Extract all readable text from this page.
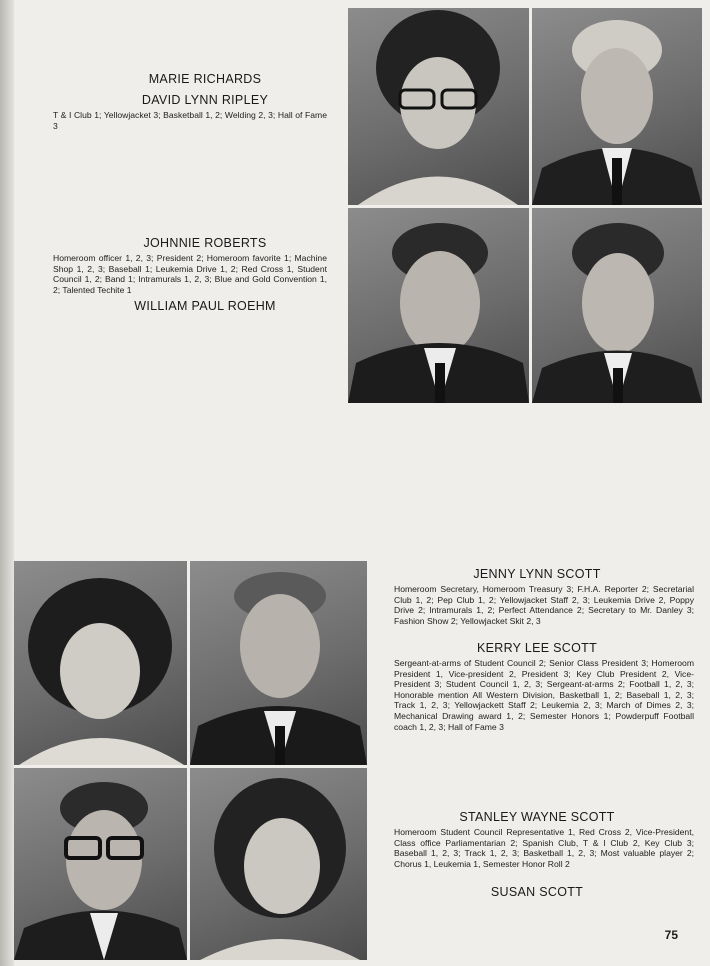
MARIE RICHARDS
DAVID LYNN RIPLEY
T & I Club 1; Yellowjacket 3; Basketball 1, 2; Welding 2, 3; Hall of Fame 3
JOHNNIE ROBERTS
Homeroom officer 1, 2, 3; President 2; Homeroom favorite 1; Machine Shop 1, 2, 3; Baseball 1; Leukemia Drive 1, 2; Red Cross 1, Student Council 1, 2; Band 1; Intramurals 1, 2, 3; Blue and Gold Convention 1, 2; Talented Techite 1
WILLIAM PAUL ROEHM
JENNY LYNN SCOTT
Homeroom Secretary, Homeroom Treasury 3; F.H.A. Reporter 2; Secretarial Club 1, 2; Pep Club 1, 2; Yellowjacket Staff 2, 3; Leukemia Drive 2, Poppy Drive 2; Intramurals 1, 2; Perfect Attendance 2; Secretary to Mr. Danley 3; Fashion Show 2; Yellowjacket Skit 2, 3
KERRY LEE SCOTT
Sergeant-at-arms of Student Council 2; Senior Class President 3; Homeroom President 1, Vice-president 2, President 3; Key Club President 2, Vice-President 3; Student Council 1, 2, 3; Sergeant-at-arms 2; Football 1, 2, 3; Honorable mention All Western Division, Basketball 1, 2; Baseball 1, 2, 3; Track 1, 2, 3; Yellowjackett Staff 2; Leukemia 2, 3; March of Dimes 2, 3; Mechanical Drawing award 1, 2; Semester Honors 1; Powderpuff Football coach 1, 2, 3; Hall of Fame 3
STANLEY WAYNE SCOTT
Homeroom Student Council Representative 1, Red Cross 2, Vice-President, Class office Parliamentarian 2; Spanish Club, T & I Club 2, Key Club 3; Baseball 1, 2, 3; Track 1, 2, 3; Basketball 1, 2, 3; Most valuable player 2; Chorus 1, Leukemia 1, Semester Honor Roll 2
SUSAN SCOTT
75
